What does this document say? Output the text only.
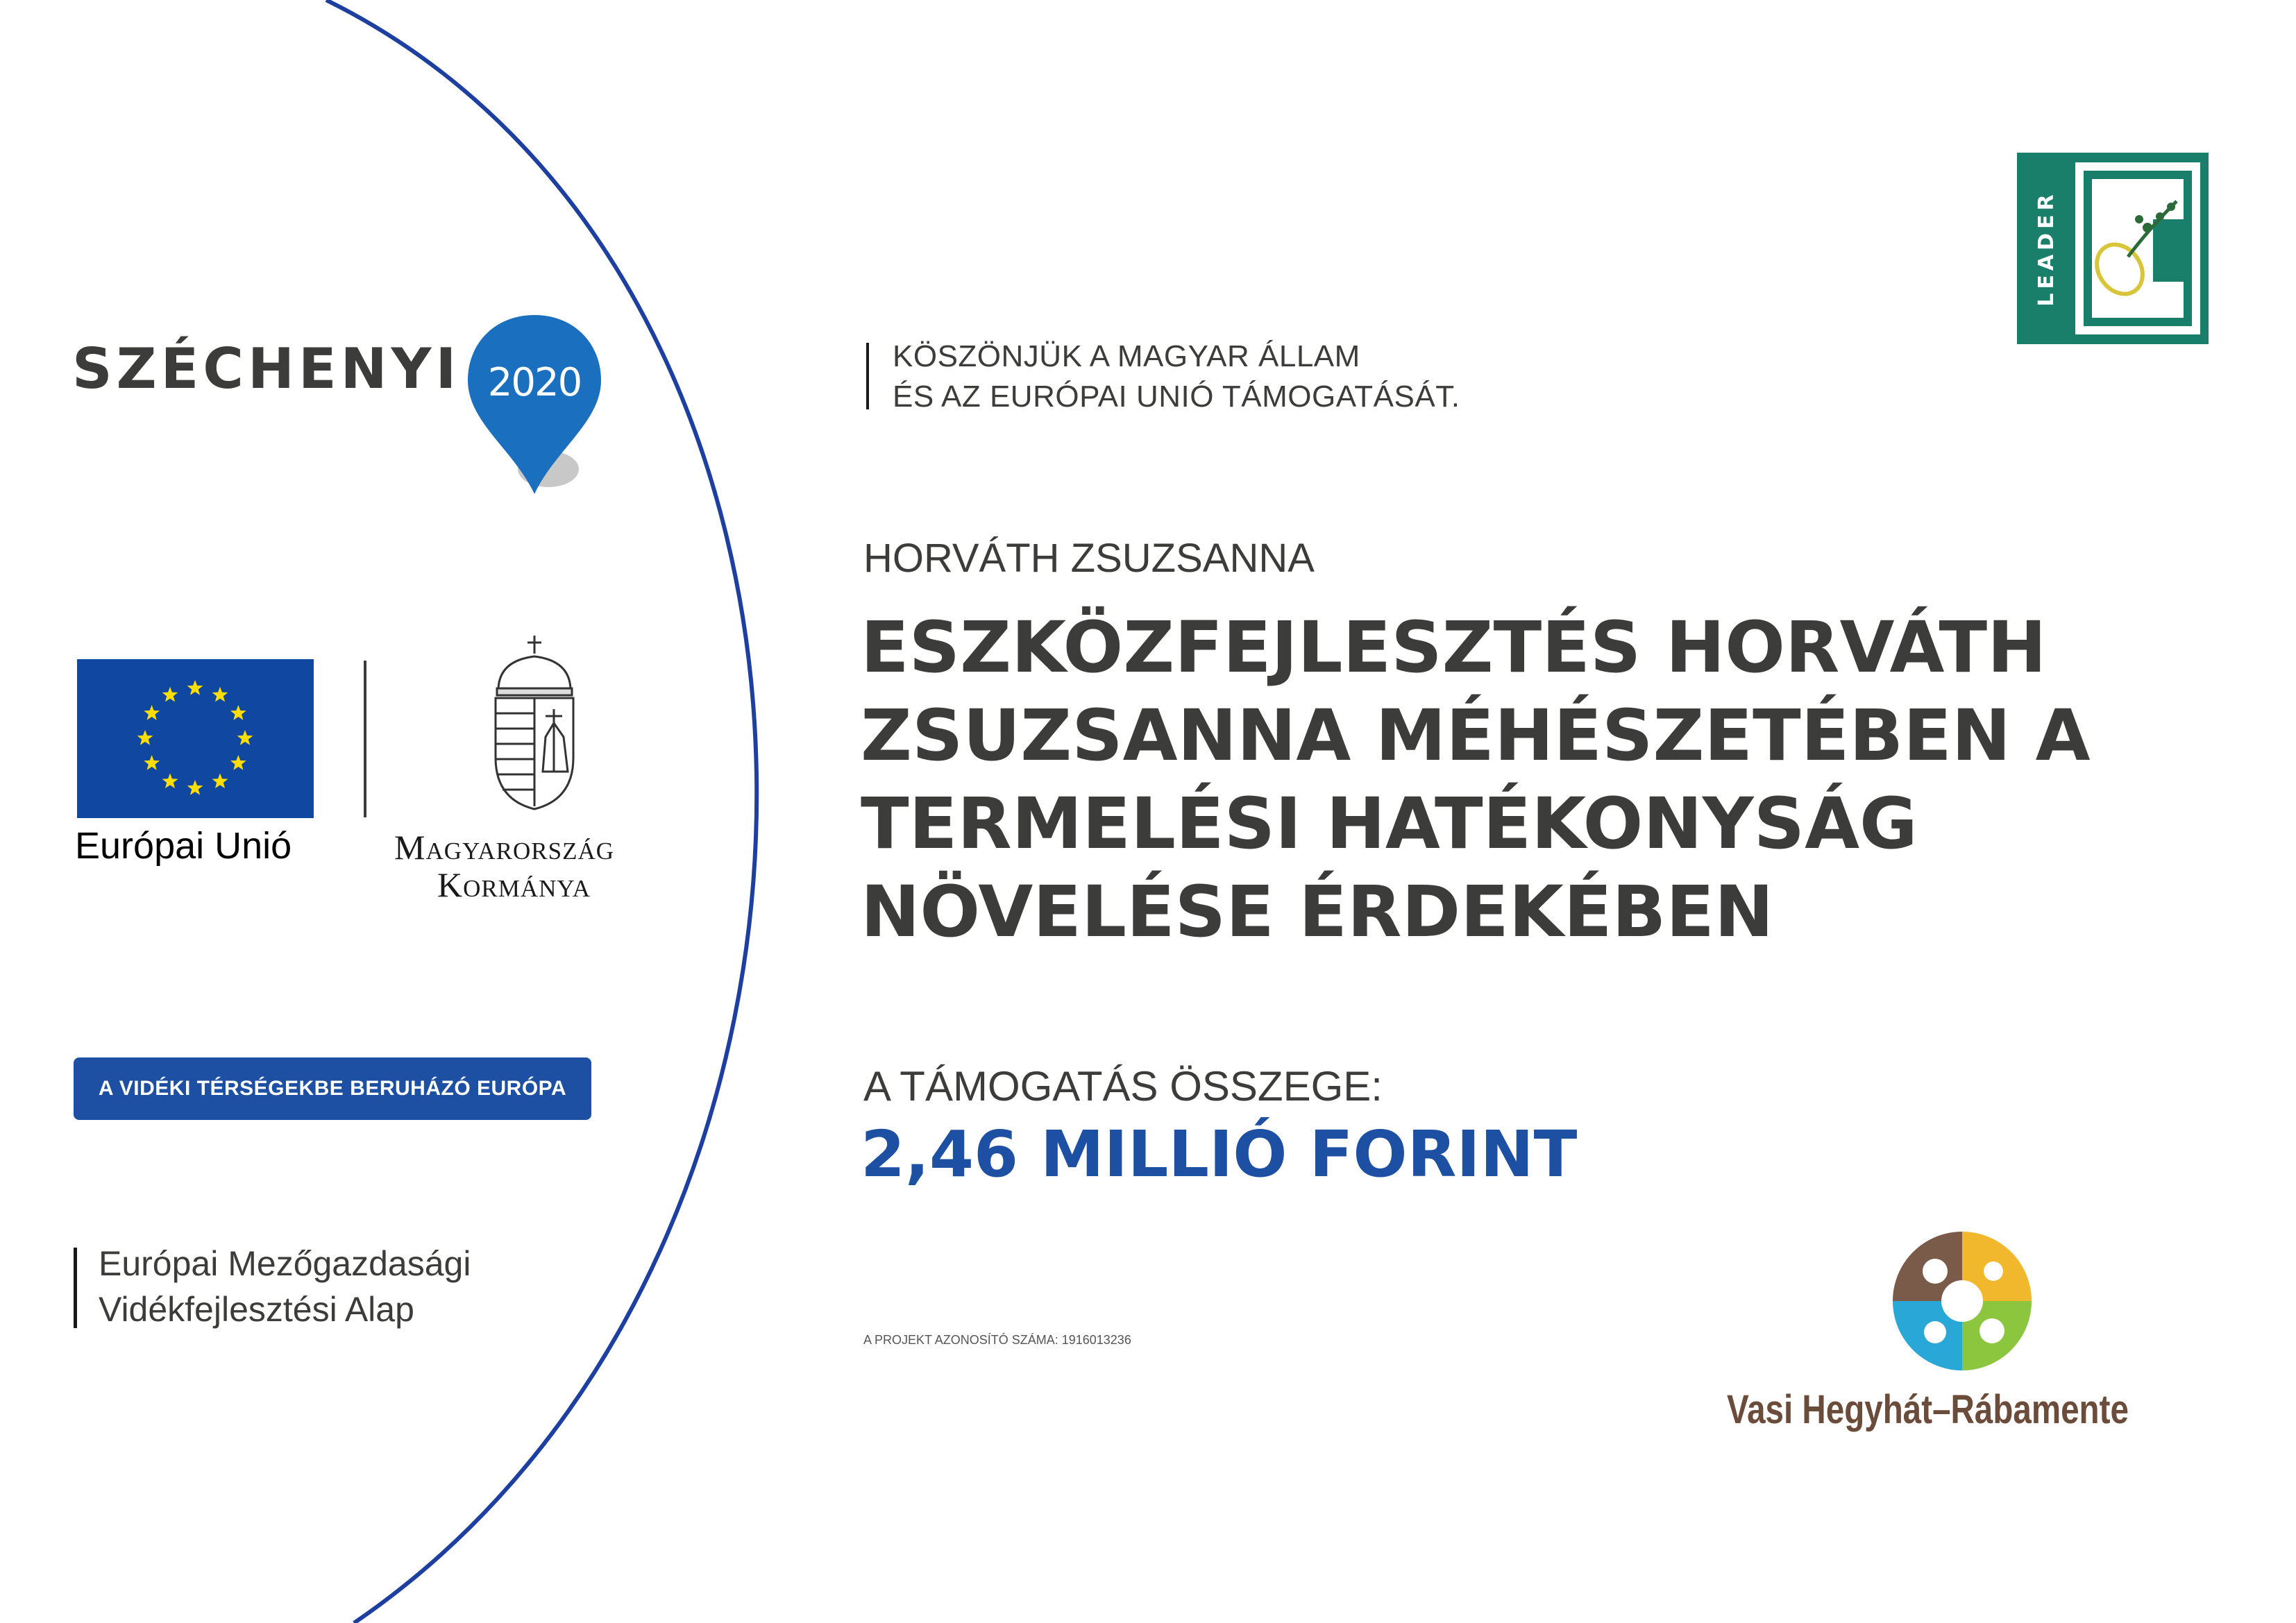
SZÉCHENYI 2020
Európai Unió	Magyarország
Kormánya
A VIDÉKI TÉRSÉGEKBE BERUHÁZÓ EURÓPA
Európai Mezőgazdasági
Vidékfejlesztési Alap
KÖSZÖNJÜK A MAGYAR ÁLLAM
ÉS AZ EURÓPAI UNIÓ TÁMOGATÁSÁT.
HORVÁTH ZSUZSANNA
ESZKÖZFEJLESZTÉS HORVÁTH
ZSUZSANNA MÉHÉSZETÉBEN A
TERMELÉSI HATÉKONYSÁG
NÖVELÉSE ÉRDEKÉBEN
A TÁMOGATÁS ÖSSZEGE:
2,46 MILLIÓ FORINT
A PROJEKT AZONOSÍTÓ SZÁMA: 1916013236
LEADER
Vasi Hegyhát–Rábamente
